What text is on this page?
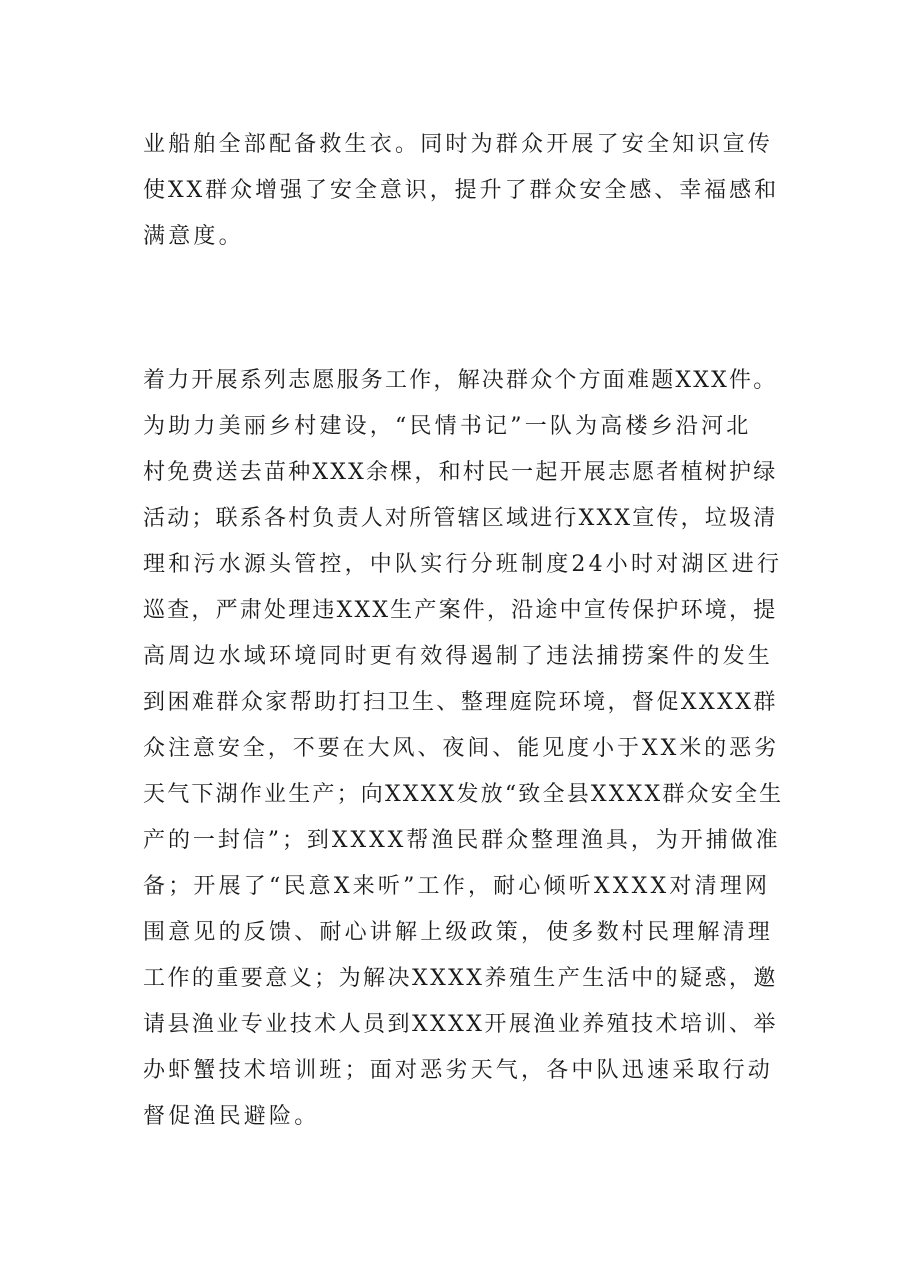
业船舶全部配备救生衣。同时为群众开展了安全知识宣传
使XX群众增强了安全意识，提升了群众安全感、幸福感和
满意度。
着力开展系列志愿服务工作，解决群众个方面难题XXX件。
为助力美丽乡村建设，“民情书记”一队为高楼乡沿河北
村免费送去苗种XXX余棵，和村民一起开展志愿者植树护绿
活动；联系各村负责人对所管辖区域进行XXX宣传，垃圾清
理和污水源头管控，中队实行分班制度24小时对湖区进行
巡查，严肃处理违XXX生产案件，沿途中宣传保护环境，提
高周边水域环境同时更有效得遏制了违法捕捞案件的发生
到困难群众家帮助打扫卫生、整理庭院环境，督促XXXX群
众注意安全，不要在大风、夜间、能见度小于XX米的恶劣
天气下湖作业生产；向XXXX发放“致全县XXXX群众安全生
产的一封信”；到XXXX帮渔民群众整理渔具，为开捕做准
备；开展了“民意X来听”工作，耐心倾听XXXX对清理网
围意见的反馈、耐心讲解上级政策，使多数村民理解清理
工作的重要意义；为解决XXXX养殖生产生活中的疑惑，邀
请县渔业专业技术人员到XXXX开展渔业养殖技术培训、举
办虾蟹技术培训班；面对恶劣天气，各中队迅速采取行动
督促渔民避险。
